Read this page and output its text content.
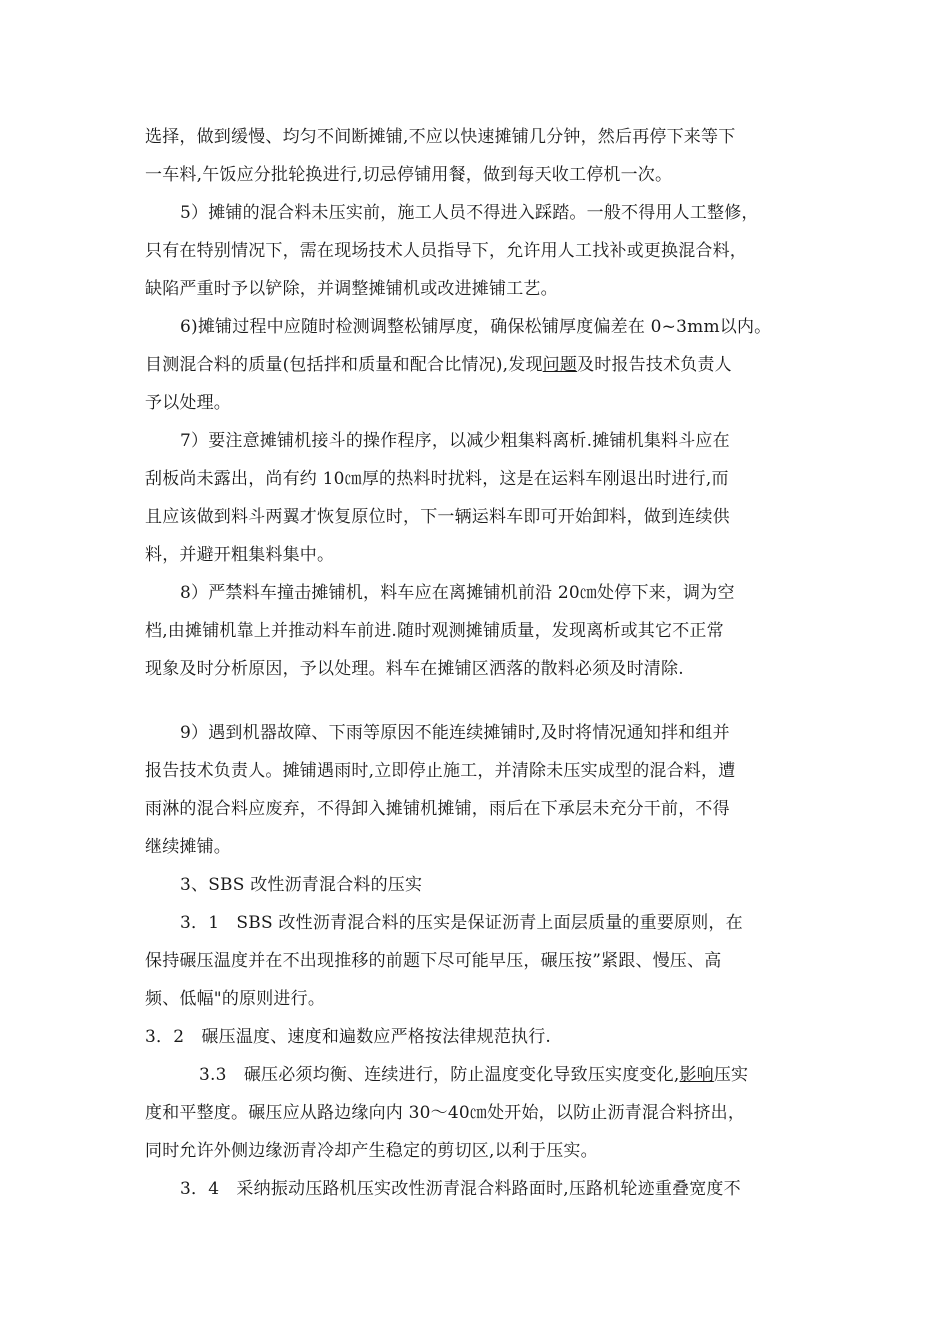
选择，做到缓慢、均匀不间断摊铺,不应以快速摊铺几分钟，然后再停下来等下
一车料,午饭应分批轮换进行,切忌停铺用餐，做到每天收工停机一次。
5）摊铺的混合料未压实前，施工人员不得进入踩踏。一般不得用人工整修，
只有在特别情况下，需在现场技术人员指导下，允许用人工找补或更换混合料，
缺陷严重时予以铲除，并调整摊铺机或改进摊铺工艺。
6)摊铺过程中应随时检测调整松铺厚度，确保松铺厚度偏差在 0~3mm以内。
目测混合料的质量(包括拌和质量和配合比情况),发现问题及时报告技术负责人
予以处理。
7）要注意摊铺机接斗的操作程序，以减少粗集料离析.摊铺机集料斗应在
刮板尚未露出，尚有约 10㎝厚的热料时扰料，这是在运料车刚退出时进行,而
且应该做到料斗两翼才恢复原位时，下一辆运料车即可开始卸料，做到连续供
料，并避开粗集料集中。
8）严禁料车撞击摊铺机，料车应在离摊铺机前沿 20㎝处停下来，调为空
档,由摊铺机靠上并推动料车前进.随时观测摊铺质量，发现离析或其它不正常
现象及时分析原因，予以处理。料车在摊铺区洒落的散料必须及时清除.
9）遇到机器故障、下雨等原因不能连续摊铺时,及时将情况通知拌和组并
报告技术负责人。摊铺遇雨时,立即停止施工，并清除未压实成型的混合料，遭
雨淋的混合料应废弃，不得卸入摊铺机摊铺，雨后在下承层未充分干前，不得
继续摊铺。
3、SBS 改性沥青混合料的压实
3．1　SBS 改性沥青混合料的压实是保证沥青上面层质量的重要原则，在
保持碾压温度并在不出现推移的前题下尽可能早压，碾压按”紧跟、慢压、高
频、低幅"的原则进行。
3．2　碾压温度、速度和遍数应严格按法律规范执行.
3.3　碾压必须均衡、连续进行，防止温度变化导致压实度变化,影响压实
度和平整度。碾压应从路边缘向内 30～40㎝处开始，以防止沥青混合料挤出，
同时允许外侧边缘沥青冷却产生稳定的剪切区,以利于压实。
3．4　采纳振动压路机压实改性沥青混合料路面时,压路机轮迹重叠宽度不
